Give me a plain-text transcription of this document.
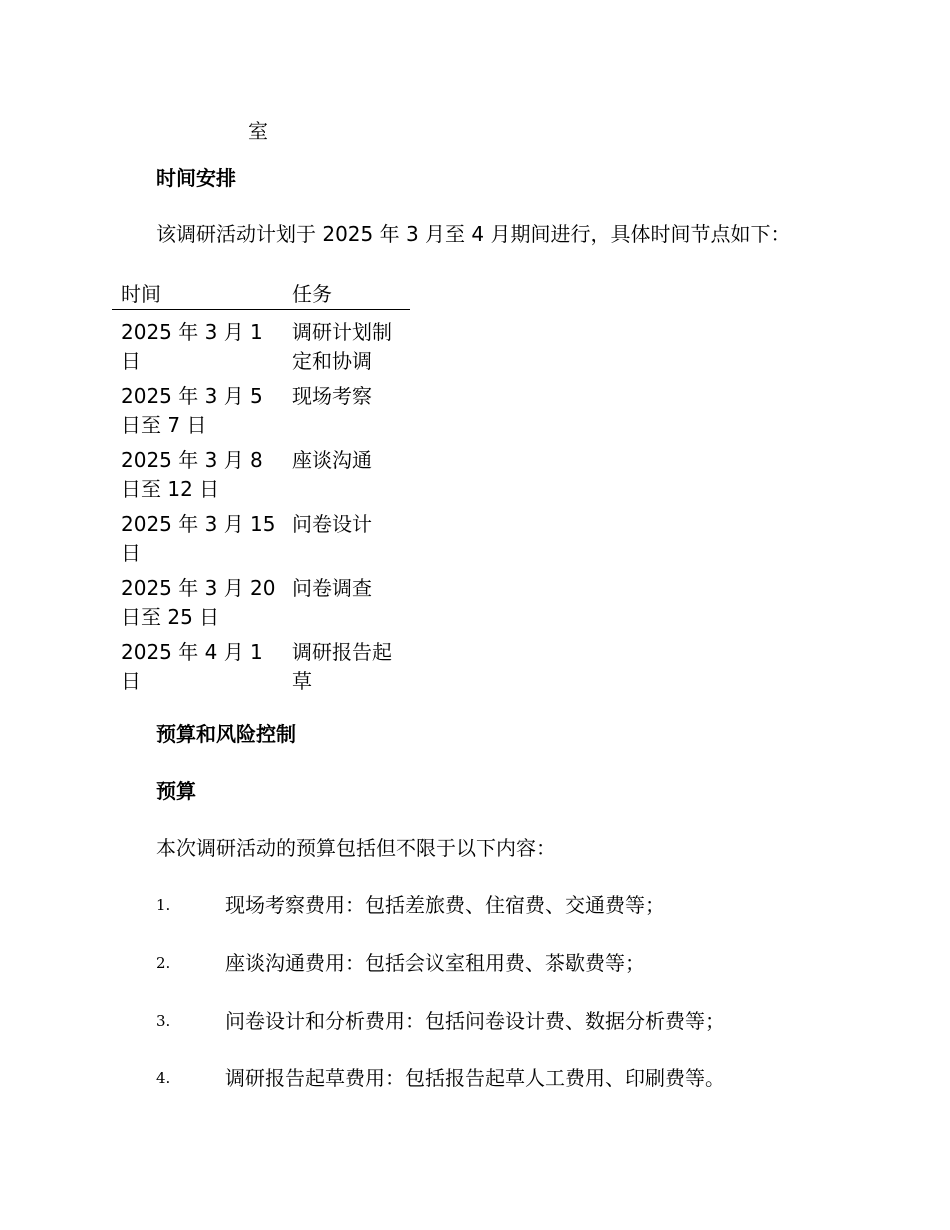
室
时间安排
该调研活动计划于 2025 年 3 月至 4 月期间进行，具体时间节点如下：
时间	任务
2025 年 3 月 1 日	调研计划制定和协调
2025 年 3 月 5 日至 7 日	现场考察
2025 年 3 月 8 日至 12 日	座谈沟通
2025 年 3 月 15 日	问卷设计
2025 年 3 月 20 日至 25 日	问卷调查
2025 年 4 月 1 日	调研报告起草
预算和风险控制
预算
本次调研活动的预算包括但不限于以下内容：
1.	现场考察费用：包括差旅费、住宿费、交通费等；
2.	座谈沟通费用：包括会议室租用费、茶歇费等；
3.	问卷设计和分析费用：包括问卷设计费、数据分析费等；
4.	调研报告起草费用：包括报告起草人工费用、印刷费等。
